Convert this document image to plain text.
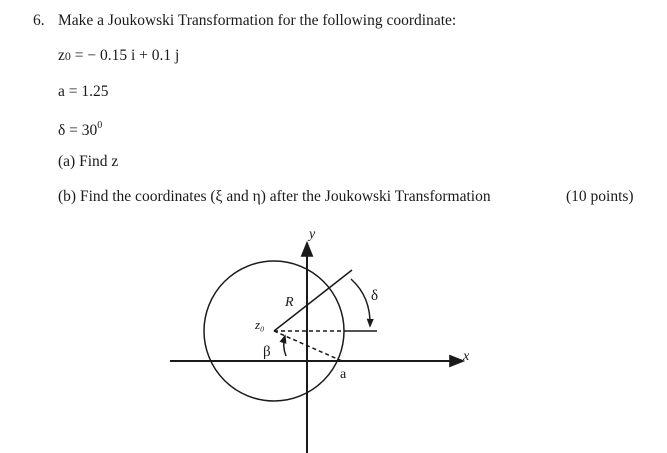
6. Make a Joukowski Transformation for the following coordinate:
z0 = − 0.15 i + 0.1 j
a = 1.25
$\delta = 30^0$
(a) Find z
(b) Find the coordinates (ξ and η) after the Joukowski Transformation	(10 points)
y
x
R
z₀
β
a
δ
